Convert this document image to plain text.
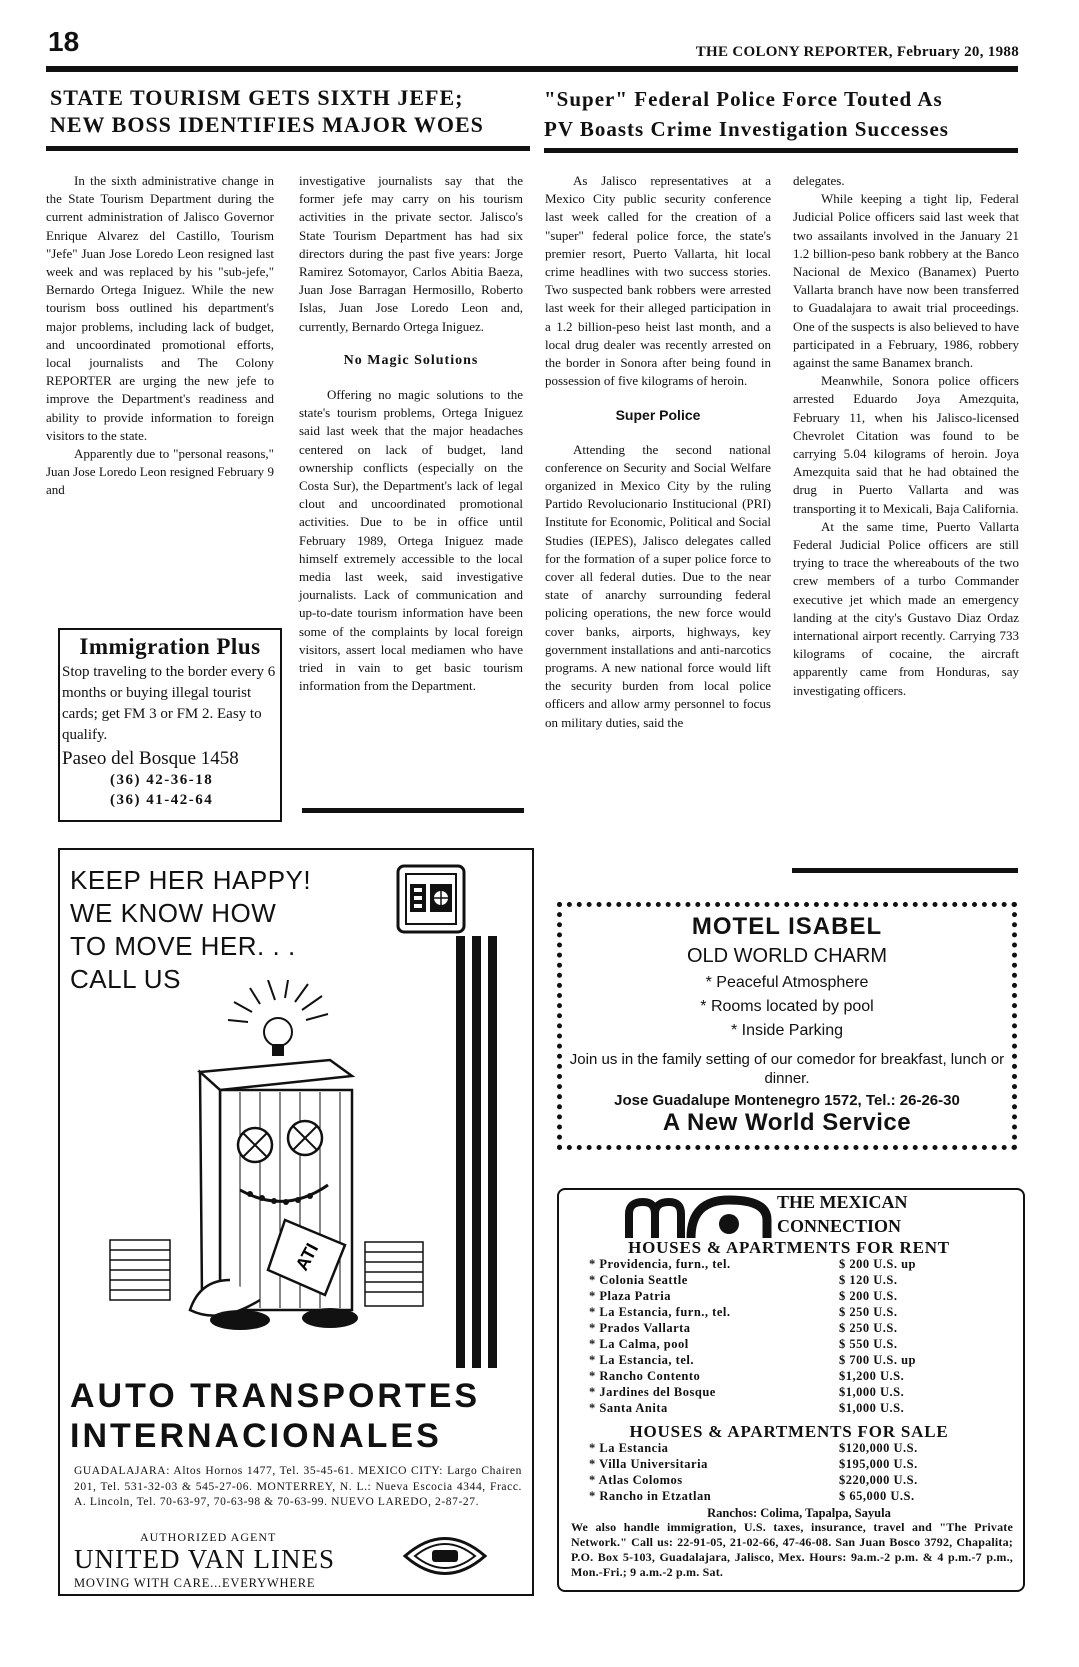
18	THE COLONY REPORTER, February 20, 1988
STATE TOURISM GETS SIXTH JEFE;
NEW BOSS IDENTIFIES MAJOR WOES
"Super" Federal Police Force Touted As
PV Boasts Crime Investigation Successes

In the sixth administrative change in the State Tourism Department during the current administration of Jalisco Governor Enrique Alvarez del Castillo, Tourism "Jefe" Juan Jose Loredo Leon resigned last week and was replaced by his "sub-jefe," Bernardo Ortega Iniguez. While the new tourism boss outlined his department's major problems, including lack of budget, and uncoordinated promotional efforts, local journalists and The Colony REPORTER are urging the new jefe to improve the Department's readiness and ability to provide information to foreign visitors to the state.

Apparently due to "personal reasons," Juan Jose Loredo Leon resigned February 9 and

investigative journalists say that the former jefe may carry on his tourism activities in the private sector. Jalisco's State Tourism Department has had six directors during the past five years: Jorge Ramirez Sotomayor, Carlos Abitia Baeza, Juan Jose Barragan Hermosillo, Roberto Islas, Juan Jose Loredo Leon and, currently, Bernardo Ortega Iniguez.

No Magic Solutions

Offering no magic solutions to the state's tourism problems, Ortega Iniguez said last week that the major headaches centered on lack of budget, land ownership conflicts (especially on the Costa Sur), the Department's lack of legal clout and uncoordinated promotional activities. Due to be in office until February 1989, Ortega Iniguez made himself extremely accessible to the local media last week, said investigative journalists. Lack of communication and up-to-date tourism information have been some of the complaints by local foreign visitors, assert local mediamen who have tried in vain to get basic tourism information from the Department.

As Jalisco representatives at a Mexico City public security conference last week called for the creation of a "super" federal police force, the state's premier resort, Puerto Vallarta, hit local crime headlines with two success stories. Two suspected bank robbers were arrested last week for their alleged participation in a 1.2 billion-peso heist last month, and a local drug dealer was recently arrested on the border in Sonora after being found in possession of five kilograms of heroin.

Super Police

Attending the second national conference on Security and Social Welfare organized in Mexico City by the ruling Partido Revolucionario Institucional (PRI) Institute for Economic, Political and Social Studies (IEPES), Jalisco delegates called for the formation of a super police force to cover all federal duties. Due to the near state of anarchy surrounding federal policing operations, the new force would cover banks, airports, highways, key government installations and anti-narcotics programs. A new national force would lift the security burden from local police officers and allow army personnel to focus on military duties, said the

delegates.

While keeping a tight lip, Federal Judicial Police officers said last week that two assailants involved in the January 21 1.2 billion-peso bank robbery at the Banco Nacional de Mexico (Banamex) Puerto Vallarta branch have now been transferred to Guadalajara to await trial proceedings. One of the suspects is also believed to have participated in a February, 1986, robbery against the same Banamex branch.

Meanwhile, Sonora police officers arrested Eduardo Joya Amezquita, February 11, when his Jalisco-licensed Chevrolet Citation was found to be carrying 5.04 kilograms of heroin. Joya Amezquita said that he had obtained the drug in Puerto Vallarta and was transporting it to Mexicali, Baja California.

At the same time, Puerto Vallarta Federal Judicial Police officers are still trying to trace the whereabouts of the two crew members of a turbo Commander executive jet which made an emergency landing at the city's Gustavo Diaz Ordaz international airport recently. Carrying 733 kilograms of cocaine, the aircraft apparently came from Honduras, say investigating officers.

Immigration Plus
Stop traveling to the border every 6 months or buying illegal tourist cards; get FM 3 or FM 2. Easy to qualify.
Paseo del Bosque 1458
(36) 42-36-18
(36) 41-42-64
KEEP HER HAPPY!
WE KNOW HOW
TO MOVE HER. . .
CALL US
ATI
AUTO TRANSPORTES
INTERNACIONALES
GUADALAJARA: Altos Hornos 1477, Tel. 35-45-61. MEXICO CITY: Largo Chairen 201, Tel. 531-32-03 & 545-27-06. MONTERREY, N. L.: Nueva Escocia 4344, Fracc. A. Lincoln, Tel. 70-63-97, 70-63-98 & 70-63-99. NUEVO LAREDO, 2-87-27.
AUTHORIZED AGENT
UNITED VAN LINES
MOVING WITH CARE...EVERYWHERE
MOTEL ISABEL
OLD WORLD CHARM
* Peaceful Atmosphere
* Rooms located by pool
* Inside Parking
Join us in the family setting of our comedor for breakfast, lunch or dinner.
Jose Guadalupe Montenegro 1572, Tel.: 26-26-30
A New World Service
THE MEXICAN
CONNECTION
HOUSES & APARTMENTS FOR RENT
* Providencia, furn., tel.	$ 200 U.S. up
* Colonia Seattle	$ 120 U.S.
* Plaza Patria	$ 200 U.S.
* La Estancia, furn., tel.	$ 250 U.S.
* Prados Vallarta	$ 250 U.S.
* La Calma, pool	$ 550 U.S.
* La Estancia, tel.	$ 700 U.S. up
* Rancho Contento	$1,200 U.S.
* Jardines del Bosque	$1,000 U.S.
* Santa Anita	$1,000 U.S.
HOUSES & APARTMENTS FOR SALE
* La Estancia	$120,000 U.S.
* Villa Universitaria	$195,000 U.S.
* Atlas Colomos	$220,000 U.S.
* Rancho in Etzatlan	$ 65,000 U.S.
Ranchos: Colima, Tapalpa, Sayula
We also handle immigration, U.S. taxes, insurance, travel and "The Private Network." Call us: 22-91-05, 21-02-66, 47-46-08. San Juan Bosco 3792, Chapalita; P.O. Box 5-103, Guadalajara, Jalisco, Mex. Hours: 9a.m.-2 p.m. & 4 p.m.-7 p.m., Mon.-Fri.; 9 a.m.-2 p.m. Sat.
